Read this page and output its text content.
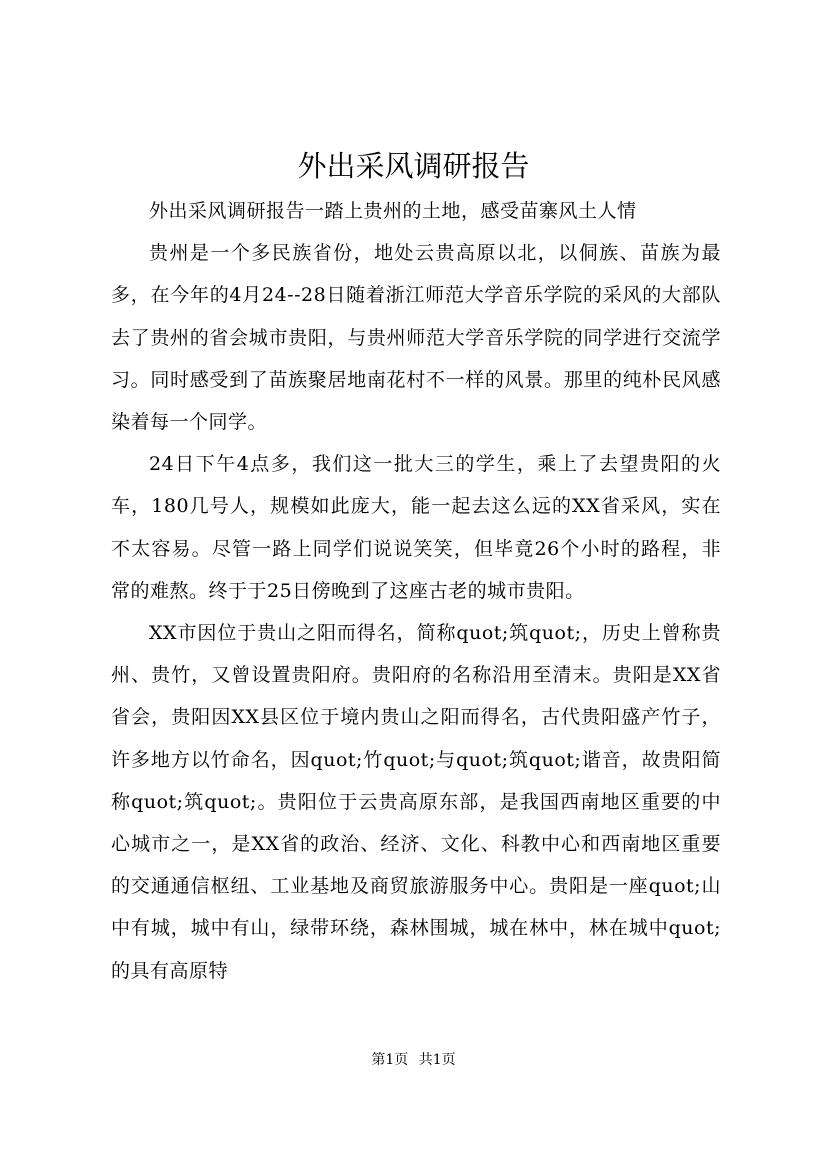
外出采风调研报告

外出采风调研报告一踏上贵州的土地，感受苗寨风土人情

贵州是一个多民族省份，地处云贵高原以北，以侗族、苗族为最多，在今年的4月24--28日随着浙江师范大学音乐学院的采风的大部队去了贵州的省会城市贵阳，与贵州师范大学音乐学院的同学进行交流学习。同时感受到了苗族聚居地南花村不一样的风景。那里的纯朴民风感染着每一个同学。

24日下午4点多，我们这一批大三的学生，乘上了去望贵阳的火车，180几号人，规模如此庞大，能一起去这么远的XX省采风，实在不太容易。尽管一路上同学们说说笑笑，但毕竟26个小时的路程，非常的难熬。终于于25日傍晚到了这座古老的城市贵阳。

XX市因位于贵山之阳而得名，简称quot;筑quot;，历史上曾称贵州、贵竹，又曾设置贵阳府。贵阳府的名称沿用至清末。贵阳是XX省省会，贵阳因XX县区位于境内贵山之阳而得名，古代贵阳盛产竹子，许多地方以竹命名，因quot;竹quot;与quot;筑quot;谐音，故贵阳简称quot;筑quot;。贵阳位于云贵高原东部，是我国西南地区重要的中心城市之一，是XX省的政治、经济、文化、科教中心和西南地区重要的交通通信枢纽、工业基地及商贸旅游服务中心。贵阳是一座quot;山中有城，城中有山，绿带环绕，森林围城，城在林中，林在城中quot;的具有高原特

第1页 共1页
